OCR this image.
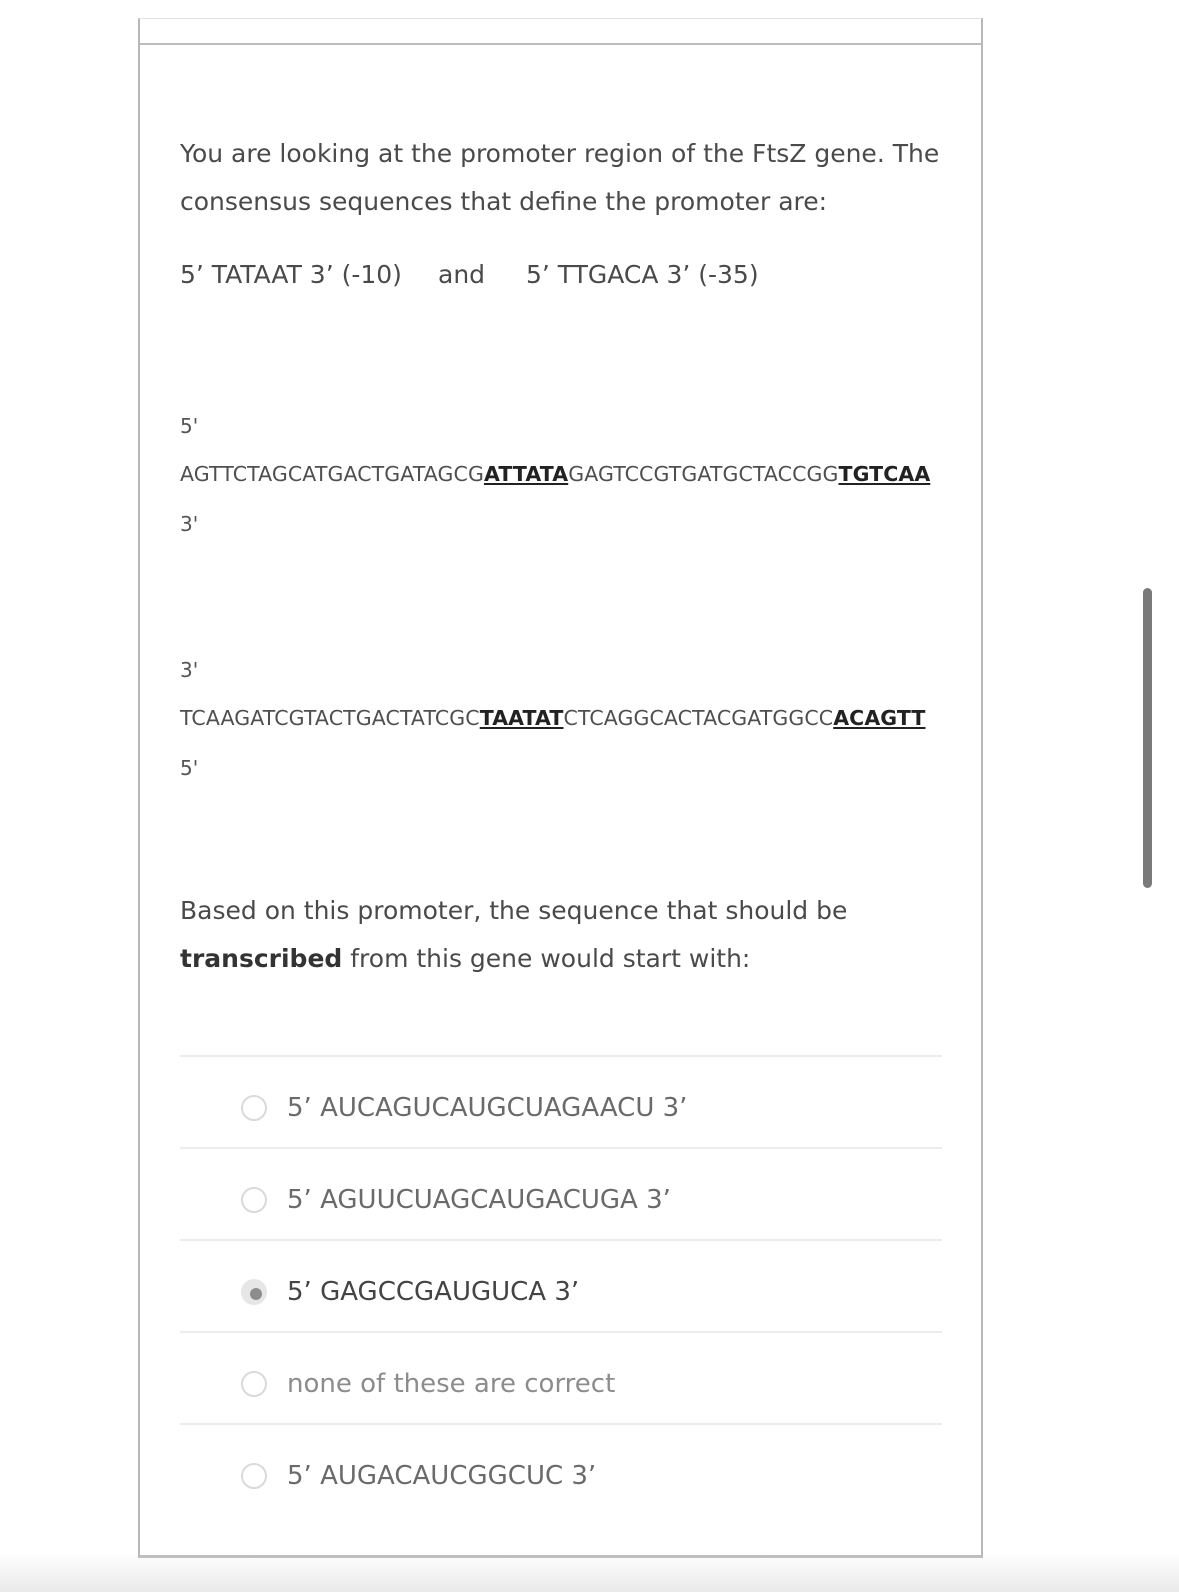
You are looking at the promoter region of the FtsZ gene. The
consensus sequences that define the promoter are:
5’ TATAAT 3’ (-10) and 5’ TTGACA 3’ (-35)
5'
AGTTCTAGCATGACTGATAGCGATTATAGAGTCCGTGATGCTACCGGTGTCAA
3'
3'
TCAAGATCGTACTGACTATCGCTAATATCTCAGGCACTACGATGGCCACAGTT
5'
Based on this promoter, the sequence that should be
transcribed from this gene would start with:
5’ AUCAGUCAUGCUAGAACU 3’
5’ AGUUCUAGCAUGACUGA 3’
5’ GAGCCGAUGUCA 3’
none of these are correct
5’ AUGACAUCGGCUC 3’
